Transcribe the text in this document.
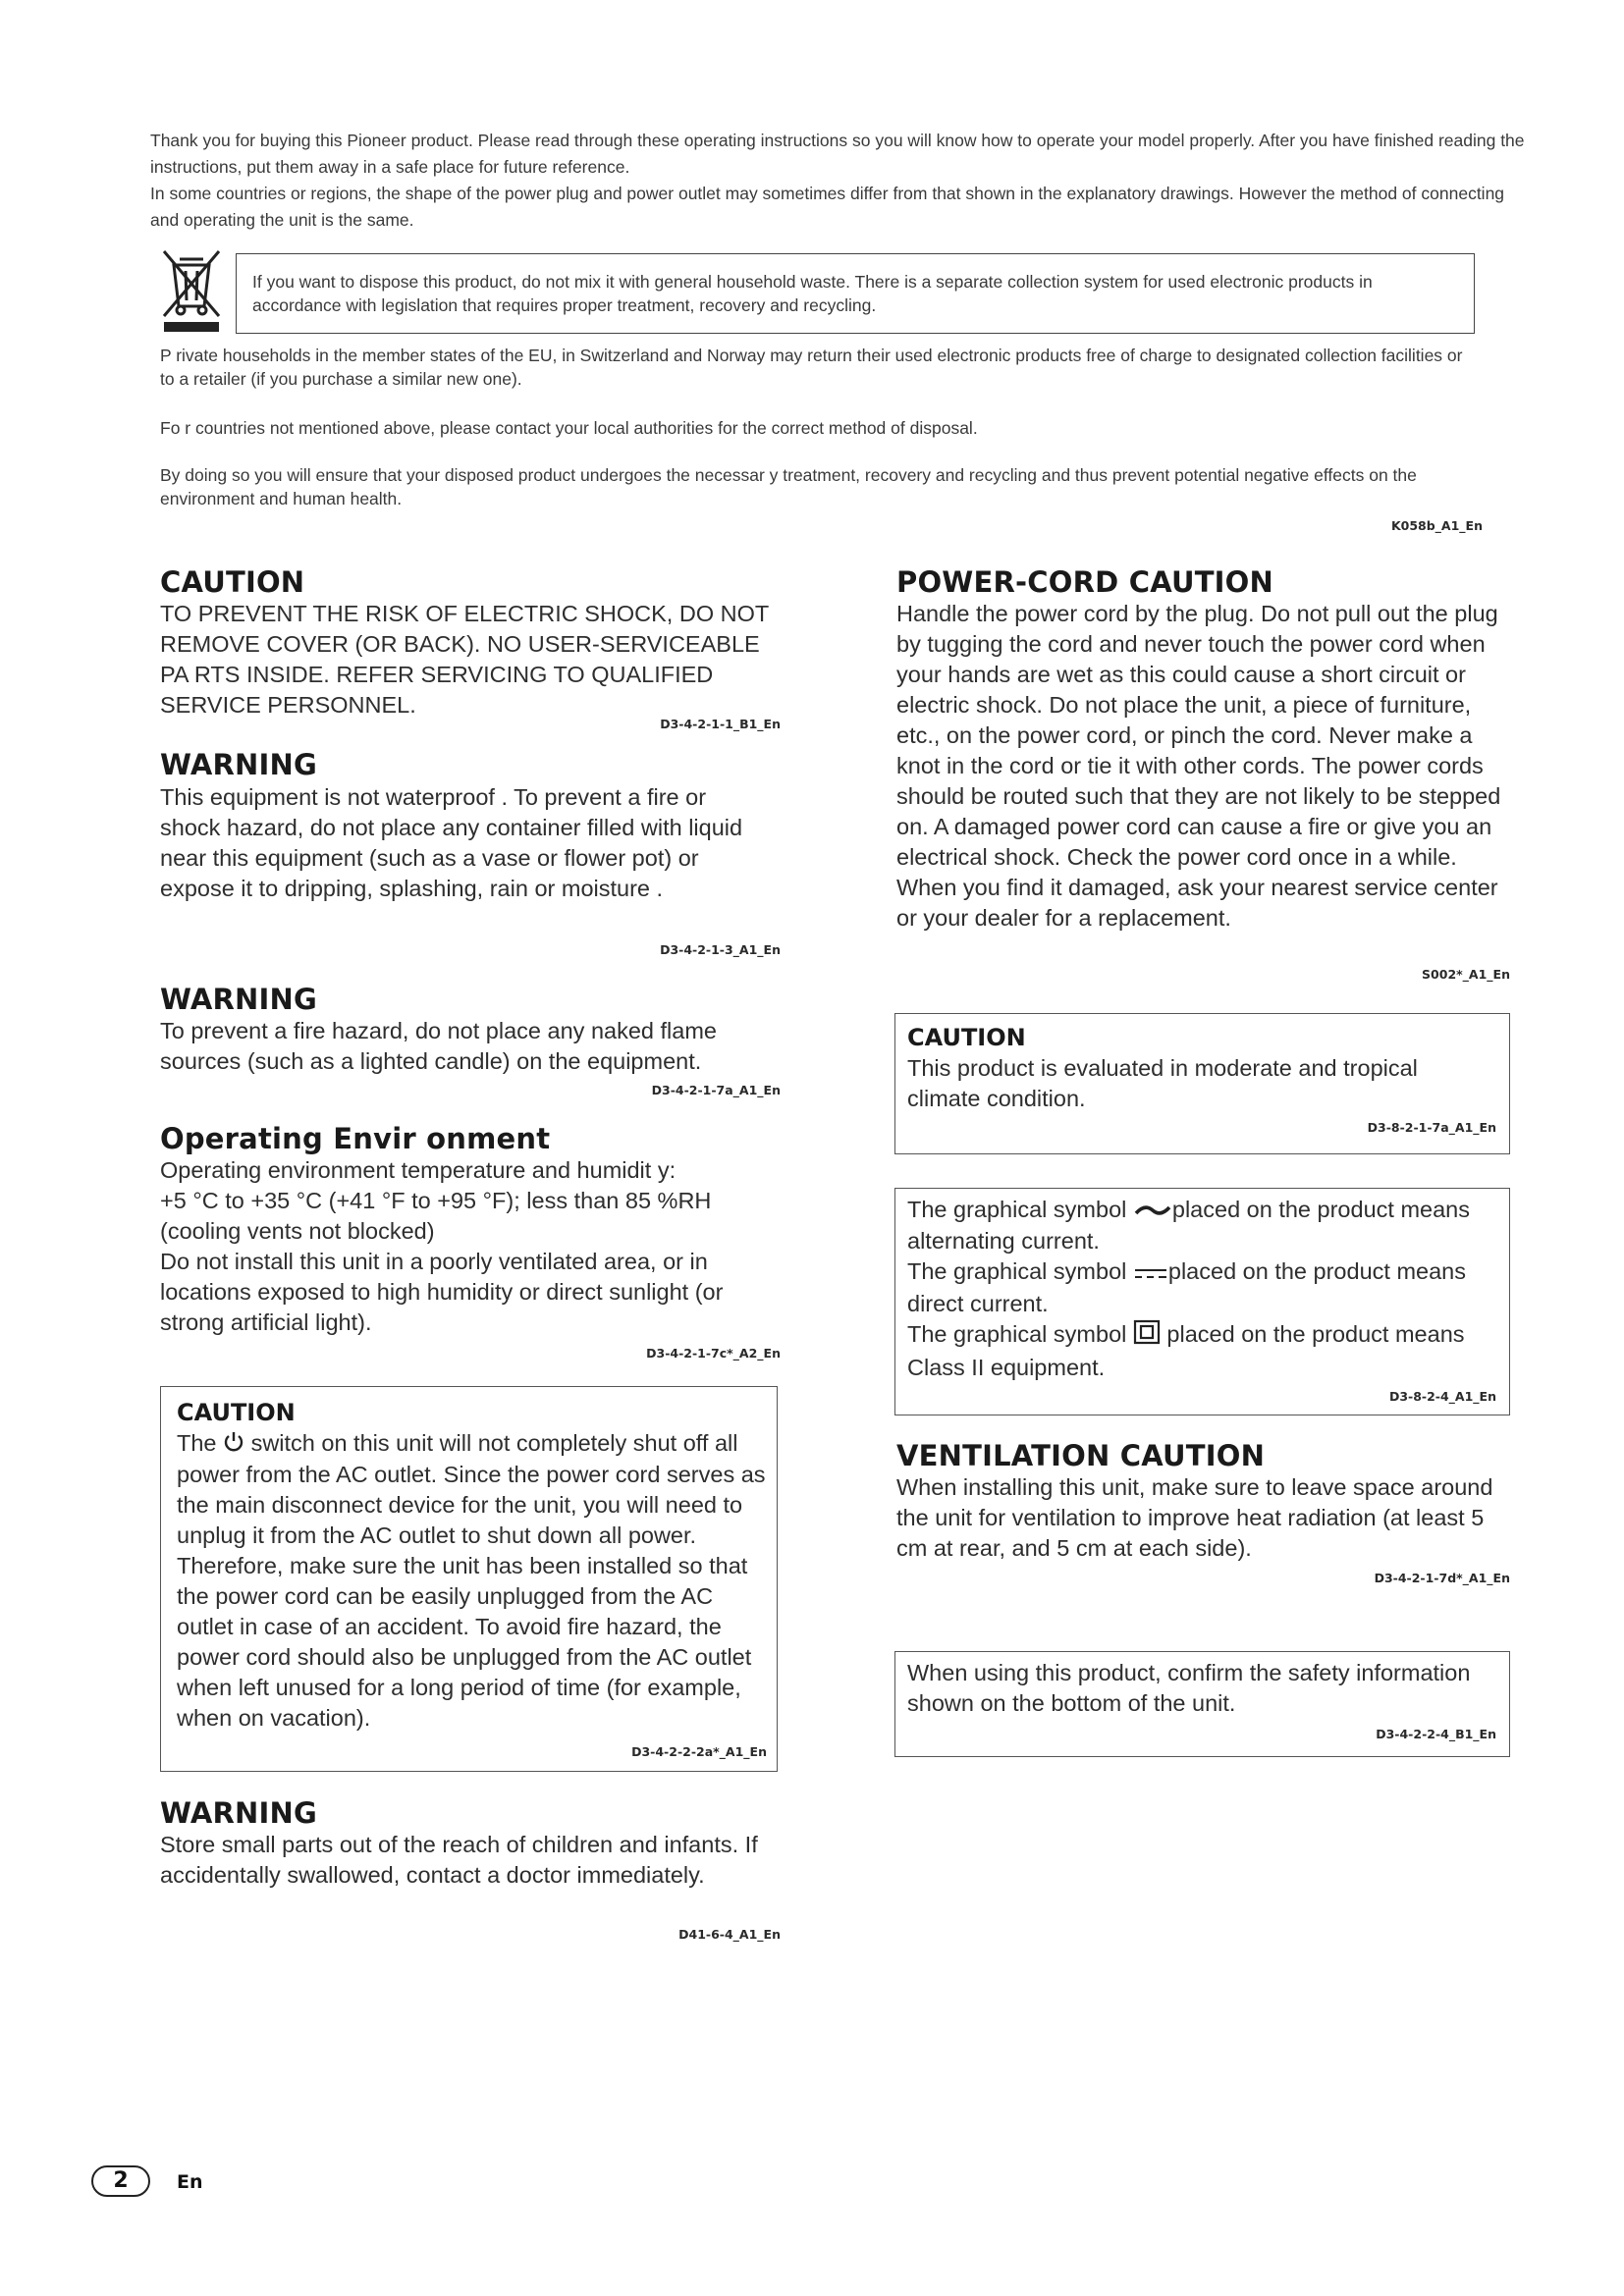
Thank you for buying this Pioneer product. Please read through these operating instructions so you will know how to operate your model properly. After you have finished reading the instructions, put them away in a safe place for future reference.

In some countries or regions, the shape of the power plug and power outlet may sometimes differ from that shown in the explanatory drawings. However the method of connecting and operating the unit is the same.

If you want to dispose this product, do not mix it with general household waste. There is a separate collection system for used electronic products in accordance with legislation that requires proper treatment, recovery and recycling.
P rivate households in the member states of the EU, in Switzerland and Norway may return their used electronic products free of charge to designated collection facilities or to a retailer (if you purchase a similar new one).
Fo r countries not mentioned above, please contact your local authorities for the correct method of disposal.
By doing so you will ensure that your disposed product undergoes the necessar y treatment, recovery and recycling and thus prevent potential negative effects on the environment and human health.
K058b_A1_En
CAUTION
TO PREVENT THE RISK OF ELECTRIC SHOCK, DO NOT REMOVE COVER (OR BACK). NO USER-SERVICEABLE PA RTS INSIDE. REFER SERVICING TO QUALIFIED SERVICE PERSONNEL.
D3-4-2-1-1_B1_En
WARNING
This equipment is not waterproof . To prevent a fire or shock hazard, do not place any container filled with liquid near this equipment (such as a vase or flower pot) or expose it to dripping, splashing, rain or moisture .
D3-4-2-1-3_A1_En
WARNING
To prevent a fire hazard, do not place any naked flame sources (such as a lighted candle) on the equipment.
D3-4-2-1-7a_A1_En
Operating Envir onment
Operating environment temperature and humidit y:
+5 °C to +35 °C (+41 °F to +95 °F); less than 85 %RH (cooling vents not blocked)
Do not install this unit in a poorly ventilated area, or in locations exposed to high humidity or direct sunlight (or strong artificial light).
D3-4-2-1-7c*_A2_En
CAUTION
The switch on this unit will not completely shut off all power from the AC outlet. Since the power cord serves as the main disconnect device for the unit, you will need to unplug it from the AC outlet to shut down all power. Therefore, make sure the unit has been installed so that the power cord can be easily unplugged from the AC outlet in case of an accident. To avoid fire hazard, the power cord should also be unplugged from the AC outlet when left unused for a long period of time (for example, when on vacation).
D3-4-2-2-2a*_A1_En
WARNING
Store small parts out of the reach of children and infants. If accidentally swallowed, contact a doctor immediately.
D41-6-4_A1_En
POWER-CORD CAUTION
Handle the power cord by the plug. Do not pull out the plug by tugging the cord and never touch the power cord when your hands are wet as this could cause a short circuit or electric shock. Do not place the unit, a piece of furniture, etc., on the power cord, or pinch the cord. Never make a knot in the cord or tie it with other cords. The power cords should be routed such that they are not likely to be stepped on. A damaged power cord can cause a fire or give you an electrical shock. Check the power cord once in a while. When you find it damaged, ask your nearest service center or your dealer for a replacement.
S002*_A1_En
CAUTION
This product is evaluated in moderate and tropical climate condition.
D3-8-2-1-7a_A1_En
The graphical symbol placed on the product means alternating current.
The graphical symbol placed on the product means direct current.
The graphical symbol placed on the product means Class II equipment.
D3-8-2-4_A1_En
VENTILATION CAUTION
When installing this unit, make sure to leave space around the unit for ventilation to improve heat radiation (at least 5 cm at rear, and 5 cm at each side).
D3-4-2-1-7d*_A1_En
When using this product, confirm the safety information shown on the bottom of the unit.
D3-4-2-2-4_B1_En
2	En
